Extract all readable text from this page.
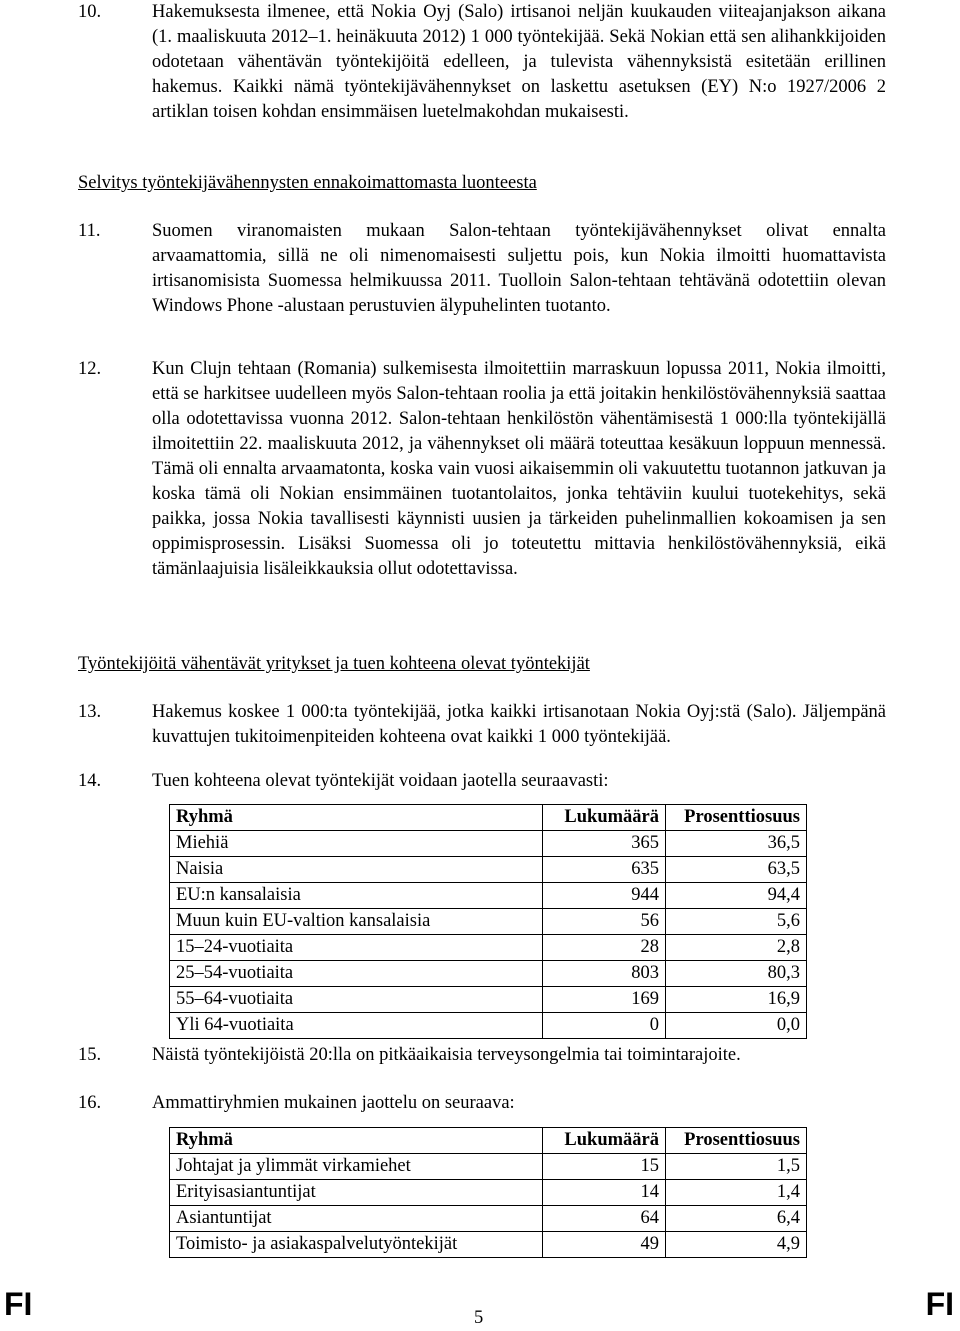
10.	Hakemuksesta ilmenee, että Nokia Oyj (Salo) irtisanoi neljän kuukauden viiteajanjakson aikana (1. maaliskuuta 2012–1. heinäkuuta 2012) 1 000 työntekijää. Sekä Nokian että sen alihankkijoiden odotetaan vähentävän työntekijöitä edelleen, ja tulevista vähennyksistä esitetään erillinen hakemus. Kaikki nämä työntekijävähennykset on laskettu asetuksen (EY) N:o 1927/2006 2 artiklan toisen kohdan ensimmäisen luetelmakohdan mukaisesti.
Selvitys työntekijävähennysten ennakoimattomasta luonteesta
11.	Suomen viranomaisten mukaan Salon-tehtaan työntekijävähennykset olivat ennalta arvaamattomia, sillä ne oli nimenomaisesti suljettu pois, kun Nokia ilmoitti huomattavista irtisanomisista Suomessa helmikuussa 2011. Tuolloin Salon-tehtaan tehtävänä odotettiin olevan Windows Phone -alustaan perustuvien älypuhelinten tuotanto.
12.	Kun Clujn tehtaan (Romania) sulkemisesta ilmoitettiin marraskuun lopussa 2011, Nokia ilmoitti, että se harkitsee uudelleen myös Salon-tehtaan roolia ja että joitakin henkilöstövähennyksiä saattaa olla odotettavissa vuonna 2012. Salon-tehtaan henkilöstön vähentämisestä 1 000:lla työntekijällä ilmoitettiin 22. maaliskuuta 2012, ja vähennykset oli määrä toteuttaa kesäkuun loppuun mennessä. Tämä oli ennalta arvaamatonta, koska vain vuosi aikaisemmin oli vakuutettu tuotannon jatkuvan ja koska tämä oli Nokian ensimmäinen tuotantolaitos, jonka tehtäviin kuului tuotekehitys, sekä paikka, jossa Nokia tavallisesti käynnisti uusien ja tärkeiden puhelinmallien kokoamisen ja sen oppimisprosessin. Lisäksi Suomessa oli jo toteutettu mittavia henkilöstövähennyksiä, eikä tämänlaajuisia lisäleikkauksia ollut odotettavissa.
Työntekijöitä vähentävät yritykset ja tuen kohteena olevat työntekijät
13.	Hakemus koskee 1 000:ta työntekijää, jotka kaikki irtisanotaan Nokia Oyj:stä (Salo). Jäljempänä kuvattujen tukitoimenpiteiden kohteena ovat kaikki 1 000 työntekijää.
14.	Tuen kohteena olevat työntekijät voidaan jaotella seuraavasti:
Ryhmä	Lukumäärä	Prosenttiosuus
Miehiä	365	36,5
Naisia	635	63,5
EU:n kansalaisia	944	94,4
Muun kuin EU-valtion kansalaisia	56	5,6
15–24-vuotiaita	28	2,8
25–54-vuotiaita	803	80,3
55–64-vuotiaita	169	16,9
Yli 64-vuotiaita	0	0,0
15.	Näistä työntekijöistä 20:lla on pitkäaikaisia terveysongelmia tai toimintarajoite.
16.	Ammattiryhmien mukainen jaottelu on seuraava:
Ryhmä	Lukumäärä	Prosenttiosuus
Johtajat ja ylimmät virkamiehet	15	1,5
Erityisasiantuntijat	14	1,4
Asiantuntijat	64	6,4
Toimisto- ja asiakaspalvelutyöntekijät	49	4,9
FI	5	FI
